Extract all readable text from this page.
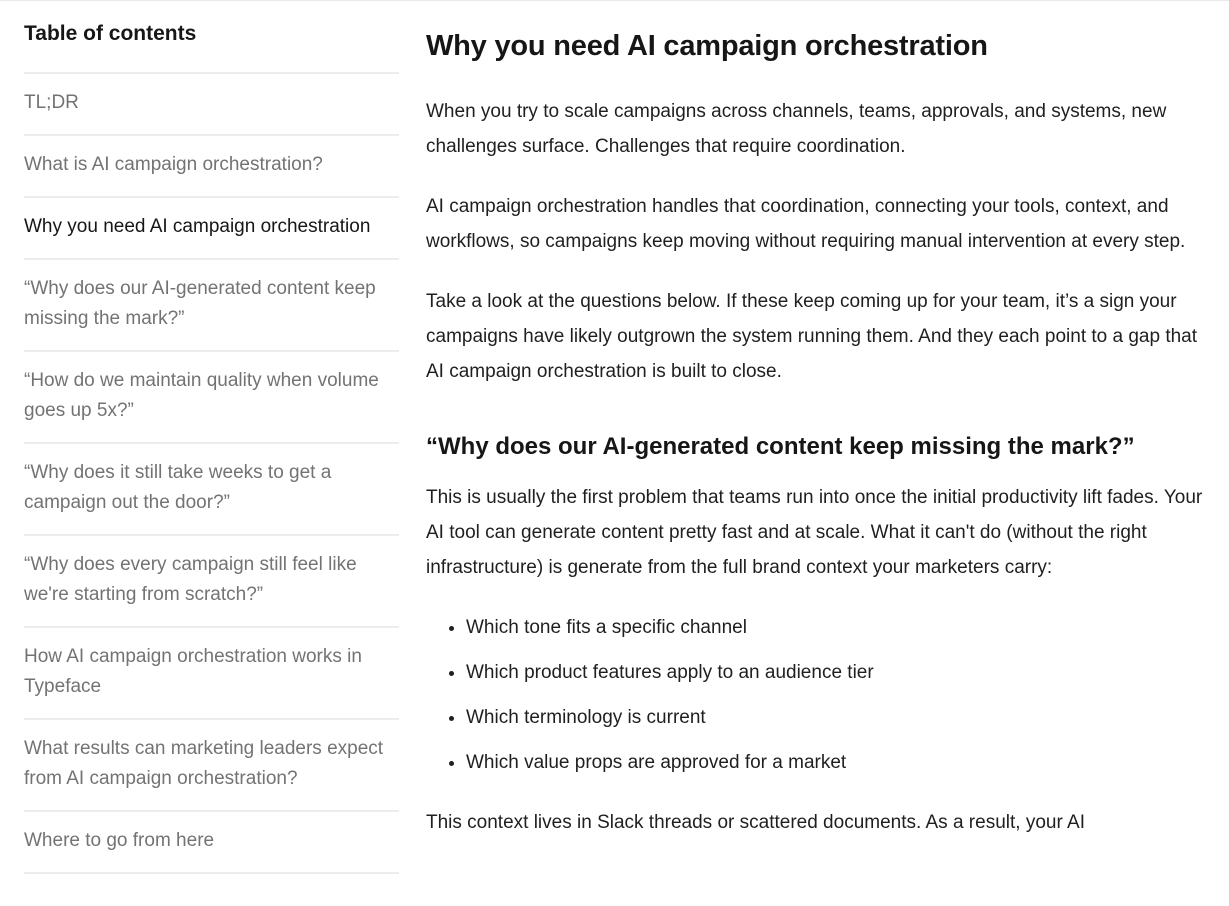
Table of contents
TL;DR
What is AI campaign orchestration?
Why you need AI campaign orchestration
“Why does our AI-generated content keep missing the mark?”
“How do we maintain quality when volume goes up 5x?”
“Why does it still take weeks to get a campaign out the door?”
“Why does every campaign still feel like we're starting from scratch?”
How AI campaign orchestration works in Typeface
What results can marketing leaders expect from AI campaign orchestration?
Where to go from here
Why you need AI campaign orchestration

When you try to scale campaigns across channels, teams, approvals, and systems, new challenges surface. Challenges that require coordination.

AI campaign orchestration handles that coordination, connecting your tools, context, and workflows, so campaigns keep moving without requiring manual intervention at every step.

Take a look at the questions below. If these keep coming up for your team, it’s a sign your campaigns have likely outgrown the system running them. And they each point to a gap that AI campaign orchestration is built to close.

“Why does our AI-generated content keep missing the mark?”

This is usually the first problem that teams run into once the initial productivity lift fades. Your AI tool can generate content pretty fast and at scale. What it can't do (without the right infrastructure) is generate from the full brand context your marketers carry:

• Which tone fits a specific channel
• Which product features apply to an audience tier
• Which terminology is current
• Which value props are approved for a market

This context lives in Slack threads or scattered documents. As a result, your AI
